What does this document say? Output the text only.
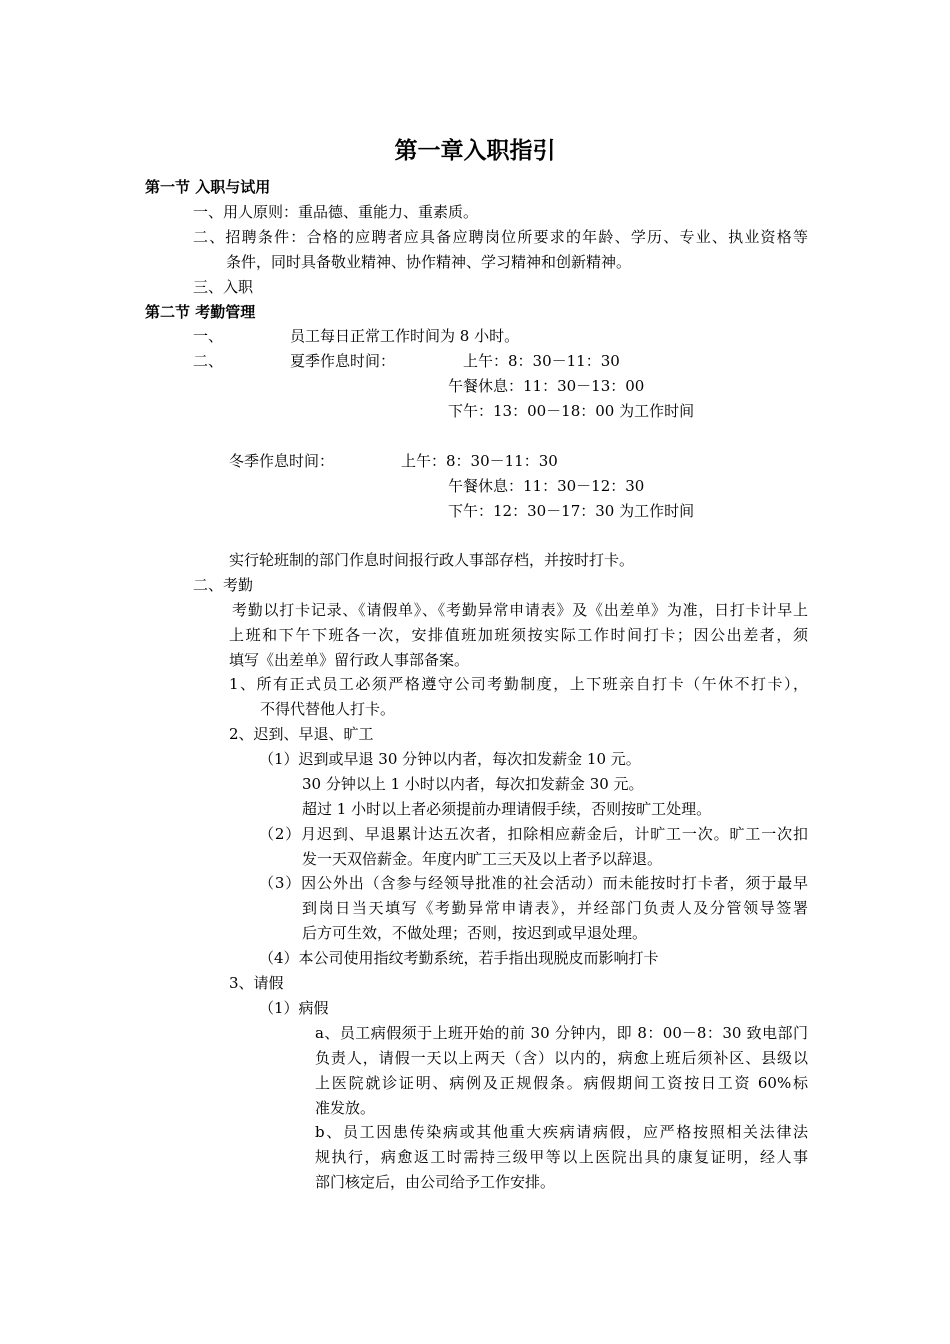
第一章入职指引
第一节 入职与试用
一、用人原则：重品德、重能力、重素质。
二、招聘条件：合格的应聘者应具备应聘岗位所要求的年龄、学历、专业、执业资格等
条件，同时具备敬业精神、协作精神、学习精神和创新精神。
三、入职
第二节 考勤管理
一、	员工每日正常工作时间为 8 小时。
二、	夏季作息时间：	上午：8：30－11：30
午餐休息：11：30－13：00
下午：13：00－18：00 为工作时间
冬季作息时间：	上午：8：30－11：30
午餐休息：11：30－12：30
下午：12：30－17：30 为工作时间
实行轮班制的部门作息时间报行政人事部存档，并按时打卡。
二、考勤
考勤以打卡记录、《请假单》、《考勤异常申请表》及《出差单》为准，日打卡计早上
上班和下午下班各一次，安排值班加班须按实际工作时间打卡；因公出差者，须
填写《出差单》留行政人事部备案。
1、所有正式员工必须严格遵守公司考勤制度，上下班亲自打卡（午休不打卡），
不得代替他人打卡。
2、迟到、早退、旷工
（1）迟到或早退 30 分钟以内者，每次扣发薪金 10 元。
30 分钟以上 1 小时以内者，每次扣发薪金 30 元。
超过 1 小时以上者必须提前办理请假手续，否则按旷工处理。
（2）月迟到、早退累计达五次者，扣除相应薪金后，计旷工一次。旷工一次扣
发一天双倍薪金。年度内旷工三天及以上者予以辞退。
（3）因公外出（含参与经领导批准的社会活动）而未能按时打卡者，须于最早
到岗日当天填写《考勤异常申请表》，并经部门负责人及分管领导签署
后方可生效，不做处理；否则，按迟到或早退处理。
（4）本公司使用指纹考勤系统，若手指出现脱皮而影响打卡
3、请假
（1）病假
a、员工病假须于上班开始的前 30 分钟内，即 8：00－8：30 致电部门
负责人，请假一天以上两天（含）以内的，病愈上班后须补区、县级以
上医院就诊证明、病例及正规假条。病假期间工资按日工资 60%标
准发放。
b、员工因患传染病或其他重大疾病请病假，应严格按照相关法律法
规执行，病愈返工时需持三级甲等以上医院出具的康复证明，经人事
部门核定后，由公司给予工作安排。
